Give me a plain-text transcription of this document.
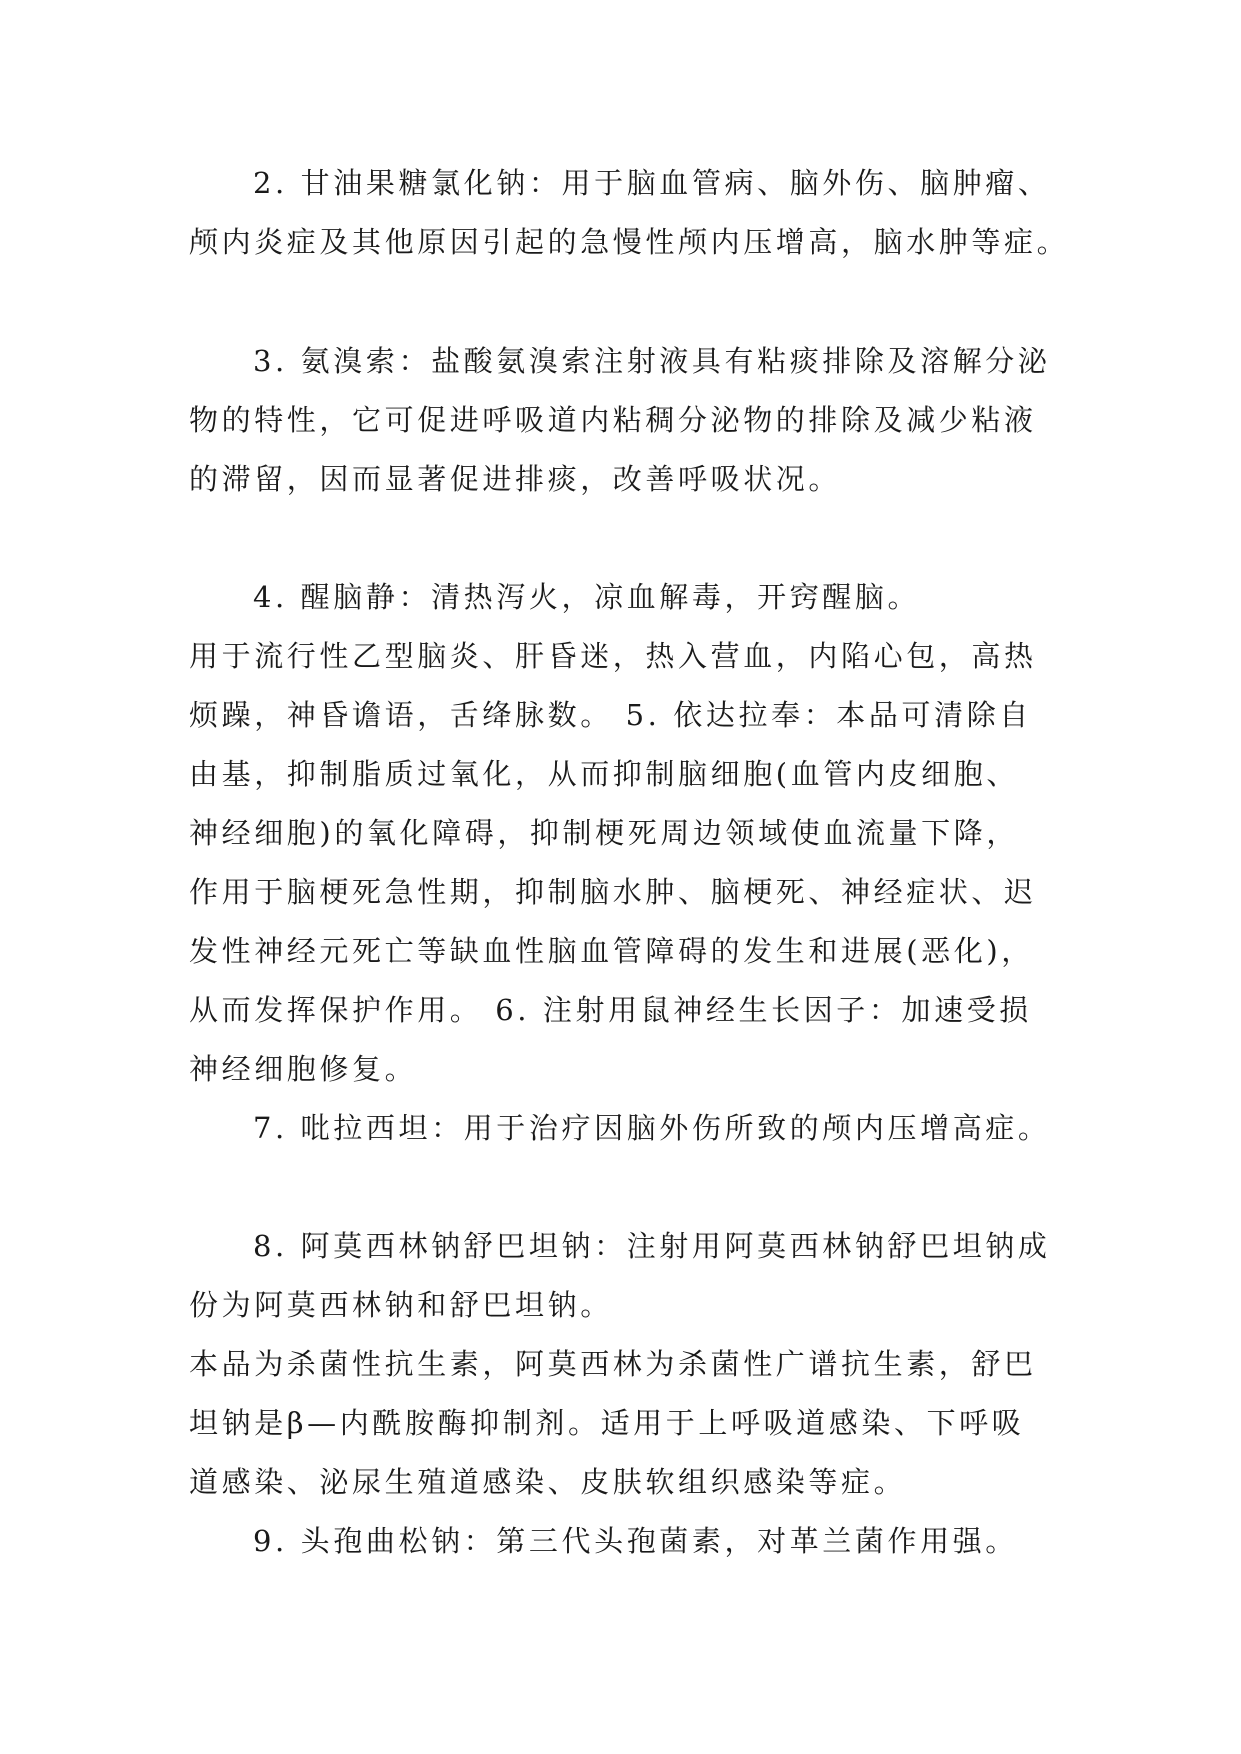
2. 甘油果糖氯化钠：用于脑血管病、脑外伤、脑肿瘤、
颅内炎症及其他原因引起的急慢性颅内压增高，脑水肿等症。
3. 氨溴索：盐酸氨溴索注射液具有粘痰排除及溶解分泌
物的特性，它可促进呼吸道内粘稠分泌物的排除及减少粘液
的滞留，因而显著促进排痰，改善呼吸状况。
4. 醒脑静：清热泻火，凉血解毒，开窍醒脑。
用于流行性乙型脑炎、肝昏迷，热入营血，内陷心包，高热
烦躁，神昏谵语，舌绛脉数。 5. 依达拉奉：本品可清除自
由基，抑制脂质过氧化，从而抑制脑细胞(血管内皮细胞、
神经细胞)的氧化障碍，抑制梗死周边领域使血流量下降，
作用于脑梗死急性期，抑制脑水肿、脑梗死、神经症状、迟
发性神经元死亡等缺血性脑血管障碍的发生和进展(恶化)，
从而发挥保护作用。 6. 注射用鼠神经生长因子：加速受损
神经细胞修复。
7. 吡拉西坦：用于治疗因脑外伤所致的颅内压增高症。
8. 阿莫西林钠舒巴坦钠：注射用阿莫西林钠舒巴坦钠成
份为阿莫西林钠和舒巴坦钠。
本品为杀菌性抗生素，阿莫西林为杀菌性广谱抗生素，舒巴
坦钠是β—内酰胺酶抑制剂。适用于上呼吸道感染、下呼吸
道感染、泌尿生殖道感染、皮肤软组织感染等症。
9. 头孢曲松钠：第三代头孢菌素，对革兰菌作用强。
